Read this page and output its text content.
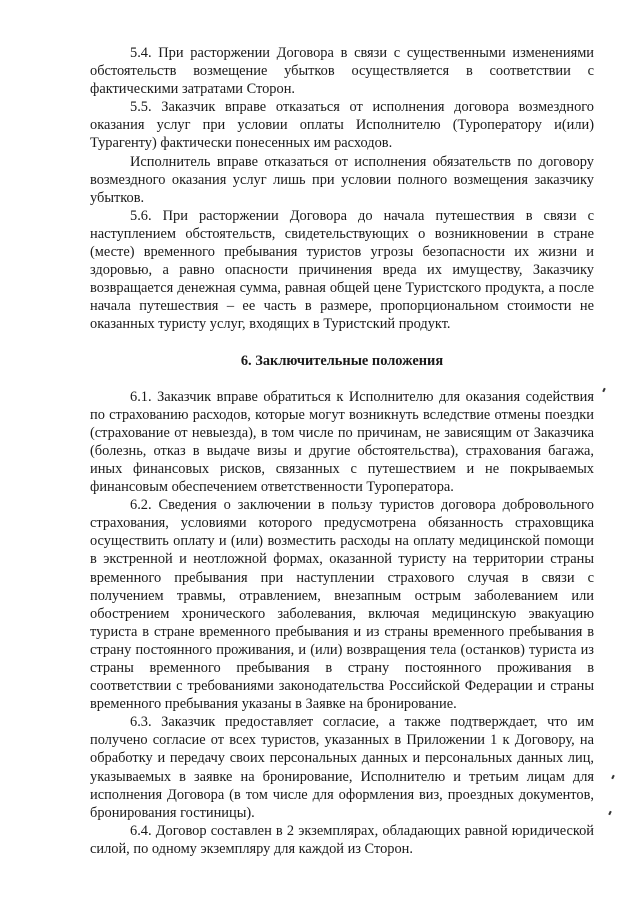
5.4. При расторжении Договора в связи с существенными изменениями обстоятельств возмещение убытков осуществляется в соответствии с фактическими затратами Сторон.

5.5. Заказчик вправе отказаться от исполнения договора возмездного оказания услуг при условии оплаты Исполнителю (Туроператору и(или) Турагенту) фактически понесенных им расходов.

Исполнитель вправе отказаться от исполнения обязательств по договору возмездного оказания услуг лишь при условии полного возмещения заказчику убытков.

5.6. При расторжении Договора до начала путешествия в связи с наступлением обстоятельств, свидетельствующих о возникновении в стране (месте) временного пребывания туристов угрозы безопасности их жизни и здоровью, а равно опасности причинения вреда их имуществу, Заказчику возвращается денежная сумма, равная общей цене Туристского продукта, а после начала путешествия – ее часть в размере, пропорциональном стоимости не оказанных туристу услуг, входящих в Туристский продукт.

6. Заключительные положения

6.1. Заказчик вправе обратиться к Исполнителю для оказания содействия по страхованию расходов, которые могут возникнуть вследствие отмены поездки (страхование от невыезда), в том числе по причинам, не зависящим от Заказчика (болезнь, отказ в выдаче визы и другие обстоятельства), страхования багажа, иных финансовых рисков, связанных с путешествием и не покрываемых финансовым обеспечением ответственности Туроператора.

6.2. Сведения о заключении в пользу туристов договора добровольного страхования, условиями которого предусмотрена обязанность страховщика осуществить оплату и (или) возместить расходы на оплату медицинской помощи в экстренной и неотложной формах, оказанной туристу на территории страны временного пребывания при наступлении страхового случая в связи с получением травмы, отравлением, внезапным острым заболеванием или обострением хронического заболевания, включая медицинскую эвакуацию туриста в стране временного пребывания и из страны временного пребывания в страну постоянного проживания, и (или) возвращения тела (останков) туриста из страны временного пребывания в страну постоянного проживания в соответствии с требованиями законодательства Российской Федерации и страны временного пребывания указаны в Заявке на бронирование.

6.3. Заказчик предоставляет согласие, а также подтверждает, что им получено согласие от всех туристов, указанных в Приложении 1 к Договору, на обработку и передачу своих персональных данных и персональных данных лиц, указываемых в заявке на бронирование, Исполнителю и третьим лицам для исполнения Договора (в том числе для оформления виз, проездных документов, бронирования гостиницы).

6.4. Договор составлен в 2 экземплярах, обладающих равной юридической силой, по одному экземпляру для каждой из Сторон.
